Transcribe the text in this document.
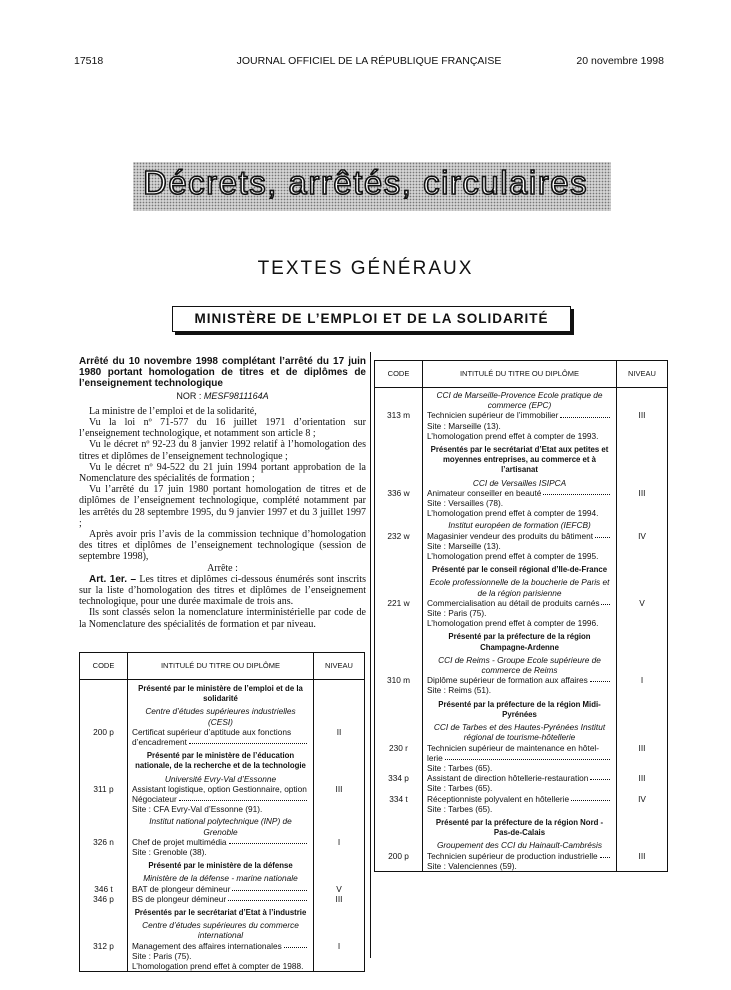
17518	JOURNAL OFFICIEL DE LA RÉPUBLIQUE FRANÇAISE	20 novembre 1998
Décrets, arrêtés, circulaires
TEXTES GÉNÉRAUX
MINISTÈRE DE L’EMPLOI ET DE LA SOLIDARITÉ

Arrêté du 10 novembre 1998 complétant l’arrêté du 17 juin 1980 portant homologation de titres et de diplômes de l’enseignement technologique

NOR : MESF9811164A

La ministre de l’emploi et de la solidarité,

Vu la loi nº 71-577 du 16 juillet 1971 d’orientation sur l’enseignement technologique, et notamment son article 8 ;

Vu le décret nº 92-23 du 8 janvier 1992 relatif à l’homologation des titres et diplômes de l’enseignement technologique ;

Vu le décret nº 94-522 du 21 juin 1994 portant approbation de la Nomenclature des spécialités de formation ;

Vu l’arrêté du 17 juin 1980 portant homologation de titres et de diplômes de l’enseignement technologique, complété notamment par les arrêtés du 28 septembre 1995, du 9 janvier 1997 et du 3 juillet 1997 ;

Après avoir pris l’avis de la commission technique d’homologation des titres et diplômes de l’enseignement technologique (session de septembre 1998),

Arrête :

Art. 1er. – Les titres et diplômes ci-dessous énumérés sont inscrits sur la liste d’homologation des titres et diplômes de l’enseignement technologique, pour une durée maximale de trois ans.

Ils sont classés selon la nomenclature interministérielle par code de la Nomenclature des spécialités de formation et par niveau.

CODE	INTITULÉ DU TITRE OU DIPLÔME	NIVEAU
	Présenté par le ministère de l’emploi et de la solidarité	
	Centre d’études supérieures industrielles (CESI)	
200 p	Certificat supérieur d’aptitude aux fonctions
d’encadrement	II
	Présenté par le ministère de l’éducation nationale, de la recherche et de la technologie	
	Université Evry-Val d’Essonne	
311 p	Assistant logistique, option Gestionnaire, option
Négociateur
Site : CFA Evry-Val d’Essonne (91).	III
	Institut national polytechnique (INP) de Grenoble	
326 n	Chef de projet multimédia
Site : Grenoble (38).	I
	Présenté par le ministère de la défense	
	Ministère de la défense - marine nationale	
346 t	BAT de plongeur démineur	V
346 p	BS de plongeur démineur	III
	Présentés par le secrétariat d’Etat à l’industrie	
	Centre d’études supérieures du commerce international	
312 p	Management des affaires internationales
Site : Paris (75).
L’homologation prend effet à compter de 1988.	I
CODE	INTITULÉ DU TITRE OU DIPLÔME	NIVEAU
	CCI de Marseille-Provence Ecole pratique de commerce (EPC)	
313 m	Technicien supérieur de l’immobilier
Site : Marseille (13).
L’homologation prend effet à compter de 1993.	III
	Présentés par le secrétariat d’Etat aux petites et moyennes entreprises, au commerce et à l’artisanat	
	CCI de Versailles ISIPCA	
336 w	Animateur conseiller en beauté
Site : Versailles (78).
L’homologation prend effet à compter de 1994.	III
	Institut européen de formation (IEFCB)	
232 w	Magasinier vendeur des produits du bâtiment
Site : Marseille (13).
L’homologation prend effet à compter de 1995.	IV
	Présenté par le conseil régional d’Ile-de-France	
	Ecole professionnelle de la boucherie de Paris et de la région parisienne	
221 w	Commercialisation au détail de produits carnés
Site : Paris (75).
L’homologation prend effet à compter de 1996.	V
	Présenté par la préfecture de la région Champagne-Ardenne	
	CCI de Reims - Groupe Ecole supérieure de commerce de Reims	
310 m	Diplôme supérieur de formation aux affaires
Site : Reims (51).	I
	Présenté par la préfecture de la région Midi-Pyrénées	
	CCI de Tarbes et des Hautes-Pyrénées Institut régional de tourisme-hôtellerie	
230 r	Technicien supérieur de maintenance en hôtel-
lerie
Site : Tarbes (65).	III
334 p	Assistant de direction hôtellerie-restauration
Site : Tarbes (65).	III
334 t	Réceptionniste polyvalent en hôtellerie
Site : Tarbes (65).	IV
	Présenté par la préfecture de la région Nord - Pas-de-Calais	
	Groupement des CCI du Hainault-Cambrésis	
200 p	Technicien supérieur de production industrielle
Site : Valenciennes (59).	III
